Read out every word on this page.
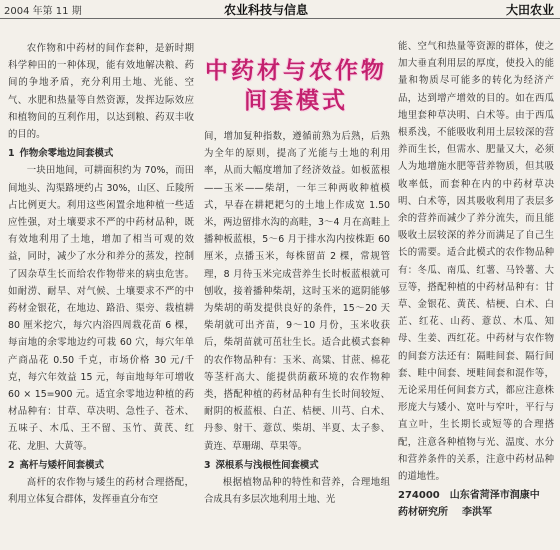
2004 年第 11 期	农业科技与信息	大田农业
中药材与农作物
间套模式

农作物和中药材的间作套种，是新时期科学种田的一种体现，能有效地解决粮、药间的争地矛盾，充分利用土地、光能、空气、水肥和热量等自然资源，发挥边际效应和植物间的互利作用，以达到粮、药双丰收的目的。

1 作物余零地边间套模式

一块田地间，可耕面积约为 70%，而田间地头、沟渠路埂约占 30%，山区、丘陵所占比例更大。利用这些闲置余地种植一些适应性强，对土壤要求不严的中药材品种，既有效地利用了土地，增加了相当可观的效益，同时，减少了水分和养分的蒸发，控制了因杂草生长而给农作物带来的病虫危害。如耐涝、耐旱、对气候、土壤要求不严的中药材金银花，在地边、路沿、渠旁、栽植耕 80 厘米挖穴，每穴内浴四周栽花苗 6 棵，每亩地的余零地边约可栽 60 穴，每穴年单产商品花 0.50 千克，市场价格 30 元/千克，每穴年效益 15 元，每亩地每年可增收 60 × 15=900 元。适宜余零地边种植的药材品种有：甘草、草决明、急性子、苍术、五味子、木瓜、王不留、玉竹、黄芪、红花、龙胆、大黄等。

2 高杆与矮杆间套模式

高杆的农作物与矮生的药材合理搭配，利用立体复合群体，发挥垂直分布空

间，增加复种指数，遵循前熟为后熟，后熟为全年的原则，提高了光能与土地的利用率，从而大幅度增加了经济效益。如板蓝根——玉米——柴胡，一年三种两收种植模式，早春在耕耙耙匀的土地上作成宽 1.50 米，两边留排水沟的高畦，3～4 月在高畦上播种板蓝根，5～6 月于排水沟内按株距 60 厘米，点播玉米，每株留苗 2 棵，常规管理，8 月待玉米完成营养生长时板蓝根就可刨收，接着播种柴胡，这时玉米的遮阴能够为柴胡的萌发提供良好的条件，15～20 天柴胡就可出齐苗，9～10 月份，玉米收获后，柴胡苗就可茁壮生长。适合此模式套种的农作物品种有：玉米、高粱、甘蔗、棉花等茎杆高大、能提供荫蔽环境的农作物种类，搭配种植的药材品种有生长时间较短、耐阴的板蓝根、白芷、桔梗、川芎、白术、丹参、射干、薏苡、柴胡、半夏、太子参、黄连、草珊瑚、草果等。

3 深根系与浅根性间套模式

根据植物品种的特性和营养，合理地组合成具有多层次地利用土地、光

能、空气和热量等资源的群体，使之加大垂直利用层的厚度，使投入的能量和物质尽可能多的转化为经济产品，达到增产增效的目的。如在西瓜地里套种草决明、白术等。由于西瓜根系浅，不能吸收利用土层较深的营养而生长，但需水、肥量又大，必须人为地增施水肥等营养物质，但其吸收率低，而套种在内的中药材草决明、白术等，因其吸收利用了表层多余的营养而减少了养分流失，而且能吸收土层较深的养分而满足了自己生长的需要。适合此模式的农作物品种有：冬瓜、南瓜、红薯、马铃薯、大豆等，搭配种植的中药材品种有：甘草、金银花、黄芪、桔梗、白术、白芷、红花、山药、薏苡、木瓜、知母、生姜、西红花。中药材与农作物的间套方法还有：隔畦间套、隔行间套、畦中间套、埂畦间套和混作等，无论采用任何间套方式，都应注意株形庞大与矮小、宽叶与窄叶，平行与直立叶，生长期长或短等的合理搭配，注意各种植物与光、温度、水分和营养条件的关系，注意中药材品种的道地性。

274000　山东省菏泽市润康中

药材研究所 李洪军
